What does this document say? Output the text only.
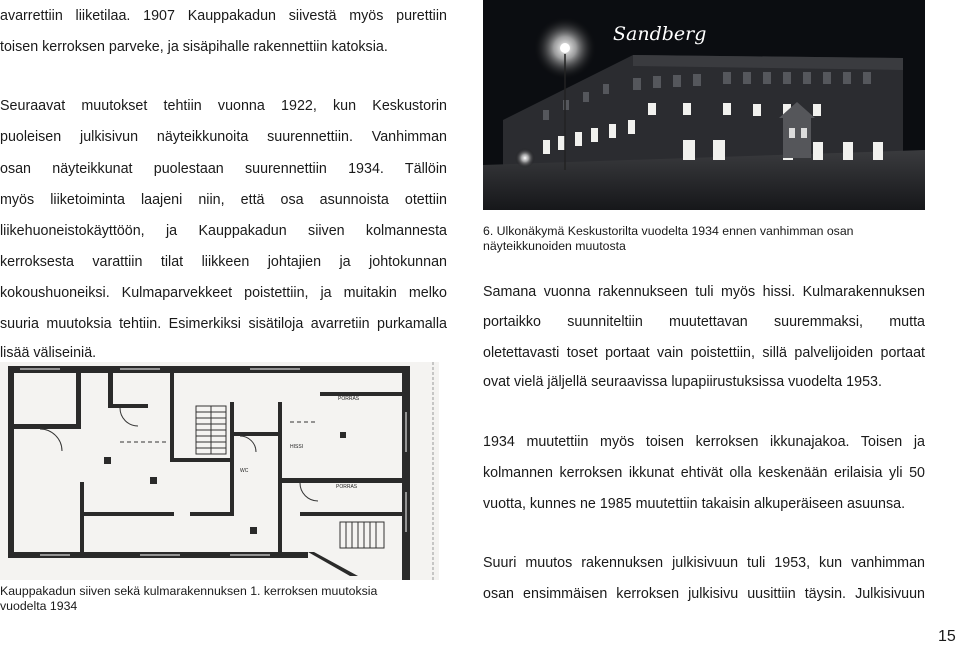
avarrettiin liiketilaa. 1907 Kauppakadun siivestä myös purettiin
toisen kerroksen parveke, ja sisäpihalle rakennettiin katoksia.
Seuraavat muutokset tehtiin vuonna 1922, kun Keskustorin
puoleisen julkisivun näyteikkunoita suurennettiin. Vanhimman
osan näyteikkunat puolestaan suurennettiin 1934. Tällöin
myös liiketoiminta laajeni niin, että osa asunnoista otettiin
liikehuoneistokäyttöön, ja Kauppakadun siiven kolmannesta
kerroksesta varattiin tilat liikkeen johtajien ja johtokunnan
kokoushuoneiksi. Kulmaparvekkeet poistettiin, ja muitakin melko
suuria muutoksia tehtiin. Esimerkiksi sisätiloja avarretiin purkamalla
lisää väliseiniä.
PORRAS
PORRAS
HISSI
WC
Kauppakadun siiven sekä kulmarakennuksen 1. kerroksen muutoksia
vuodelta 1934
Sandberg
6. Ulkonäkymä Keskustorilta vuodelta 1934 ennen vanhimman osan
näyteikkunoiden muutosta
Samana vuonna rakennukseen tuli myös hissi. Kulmarakennuksen
portaikko suunniteltiin muutettavan suuremmaksi, mutta
oletettavasti toset portaat vain poistettiin, sillä palvelijoiden portaat
ovat vielä jäljellä seuraavissa lupapiirustuksissa vuodelta 1953.
1934 muutettiin myös toisen kerroksen ikkunajakoa. Toisen ja
kolmannen kerroksen ikkunat ehtivät olla keskenään erilaisia yli 50
vuotta, kunnes ne 1985 muutettiin takaisin alkuperäiseen asuunsa.
Suuri muutos rakennuksen julkisivuun tuli 1953, kun vanhimman
osan ensimmäisen kerroksen julkisivu uusittiin täysin. Julkisivuun
15
